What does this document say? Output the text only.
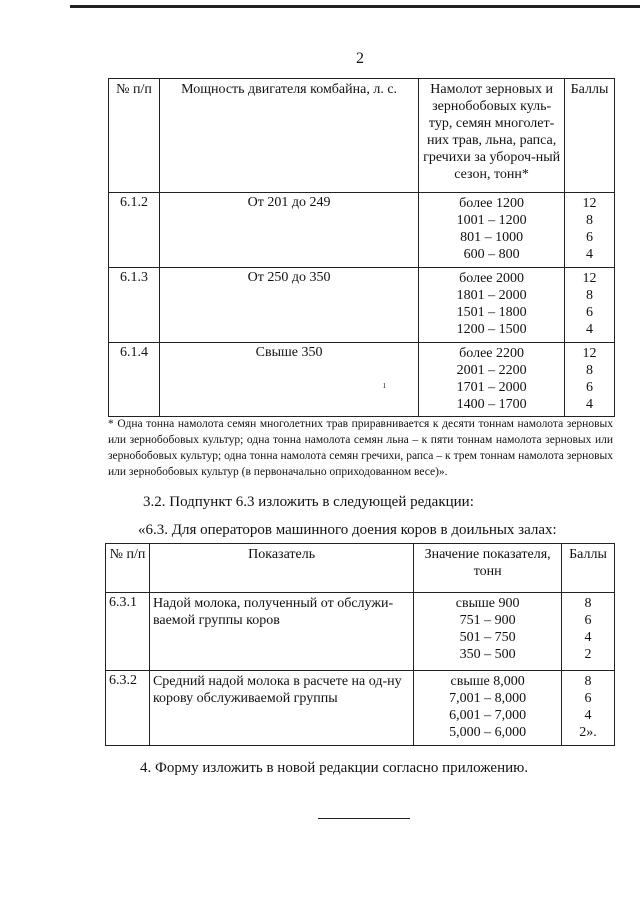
2
№ п/п	Мощность двигателя комбайна, л. с.	Намолот зерновых и зернобобовых куль-тур, семян многолет-них трав, льна, рапса, гречихи за убороч-ный сезон, тонн*	Баллы
6.1.2	От 201 до 249	более 1200
1001 – 1200
801 – 1000
600 – 800	12
8
6
4
6.1.3	От 250 до 350	более 2000
1801 – 2000
1501 – 1800
1200 – 1500	12
8
6
4
6.1.4	Свыше 350	более 2200
2001 – 2200
1701 – 2000
1400 – 1700	12
8
6
4
ı
* Одна тонна намолота семян многолетних трав приравнивается к десяти тоннам намолота зерновых или зернобобовых культур; одна тонна намолота семян льна – к пяти тоннам намолота зерновых или зернобобовых культур; одна тонна намолота семян гречихи, рапса – к трем тоннам намолота зерновых или зернобобовых культур (в первоначально оприходованном весе)».
3.2. Подпункт 6.3 изложить в следующей редакции:
«6.3. Для операторов машинного доения коров в доильных залах:
№ п/п	Показатель	Значение показателя, тонн	Баллы
6.3.1	Надой молока, полученный от обслужи-ваемой группы коров	свыше 900
751 – 900
501 – 750
350 – 500	8
6
4
2
6.3.2	Средний надой молока в расчете на од-ну корову обслуживаемой группы	свыше 8,000
7,001 – 8,000
6,001 – 7,000
5,000 – 6,000	8
6
4
2».
4. Форму изложить в новой редакции согласно приложению.
